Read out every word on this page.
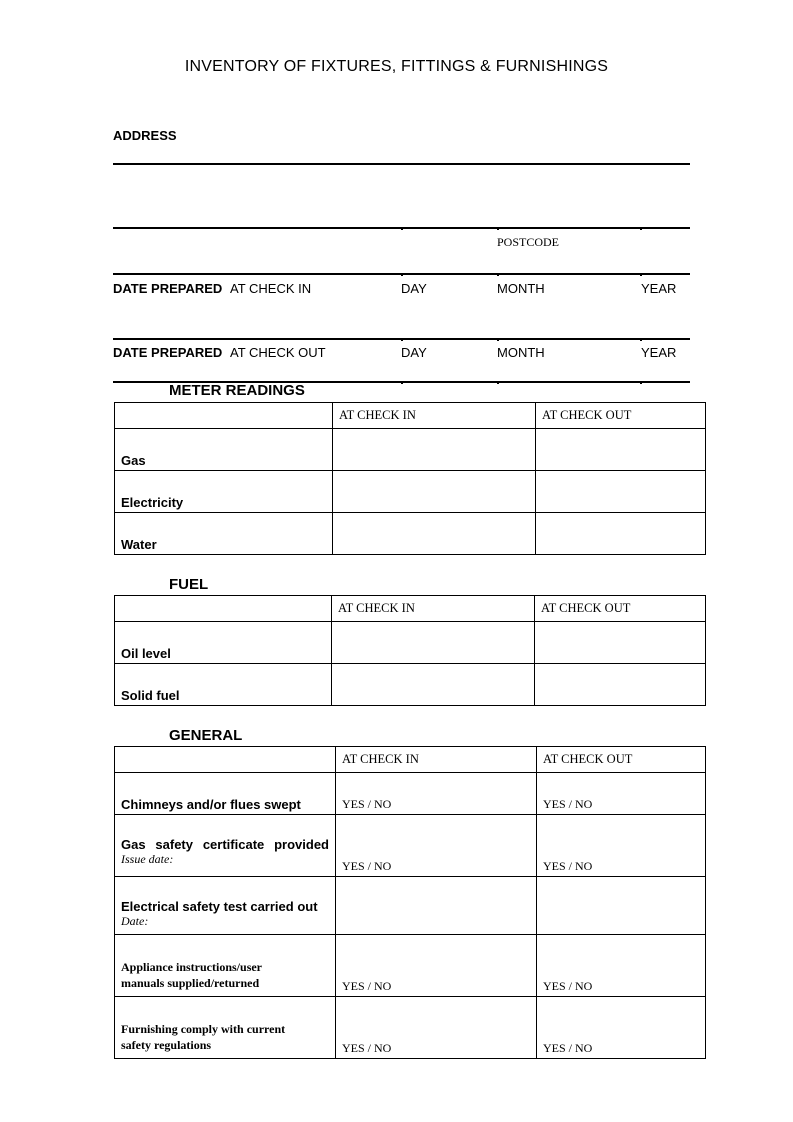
INVENTORY OF FIXTURES, FITTINGS & FURNISHINGS
ADDRESS
POSTCODE
DATE PREPARED AT CHECK IN	DAY	MONTH	YEAR
DATE PREPARED AT CHECK OUT	DAY	MONTH	YEAR
METER READINGS
	AT CHECK IN	AT CHECK OUT
Gas		
Electricity		
Water		
FUEL
	AT CHECK IN	AT CHECK OUT
Oil level		
Solid fuel		
GENERAL
	AT CHECK IN	AT CHECK OUT
Chimneys and/or flues swept	YES / NO	YES / NO

Gas safety certificate provided
Issue date:	YES / NO	YES / NO

Electrical safety test carried out
Date:		

Appliance instructions/user
manuals supplied/returned	YES / NO	YES / NO

Furnishing comply with current
safety regulations	YES / NO	YES / NO
